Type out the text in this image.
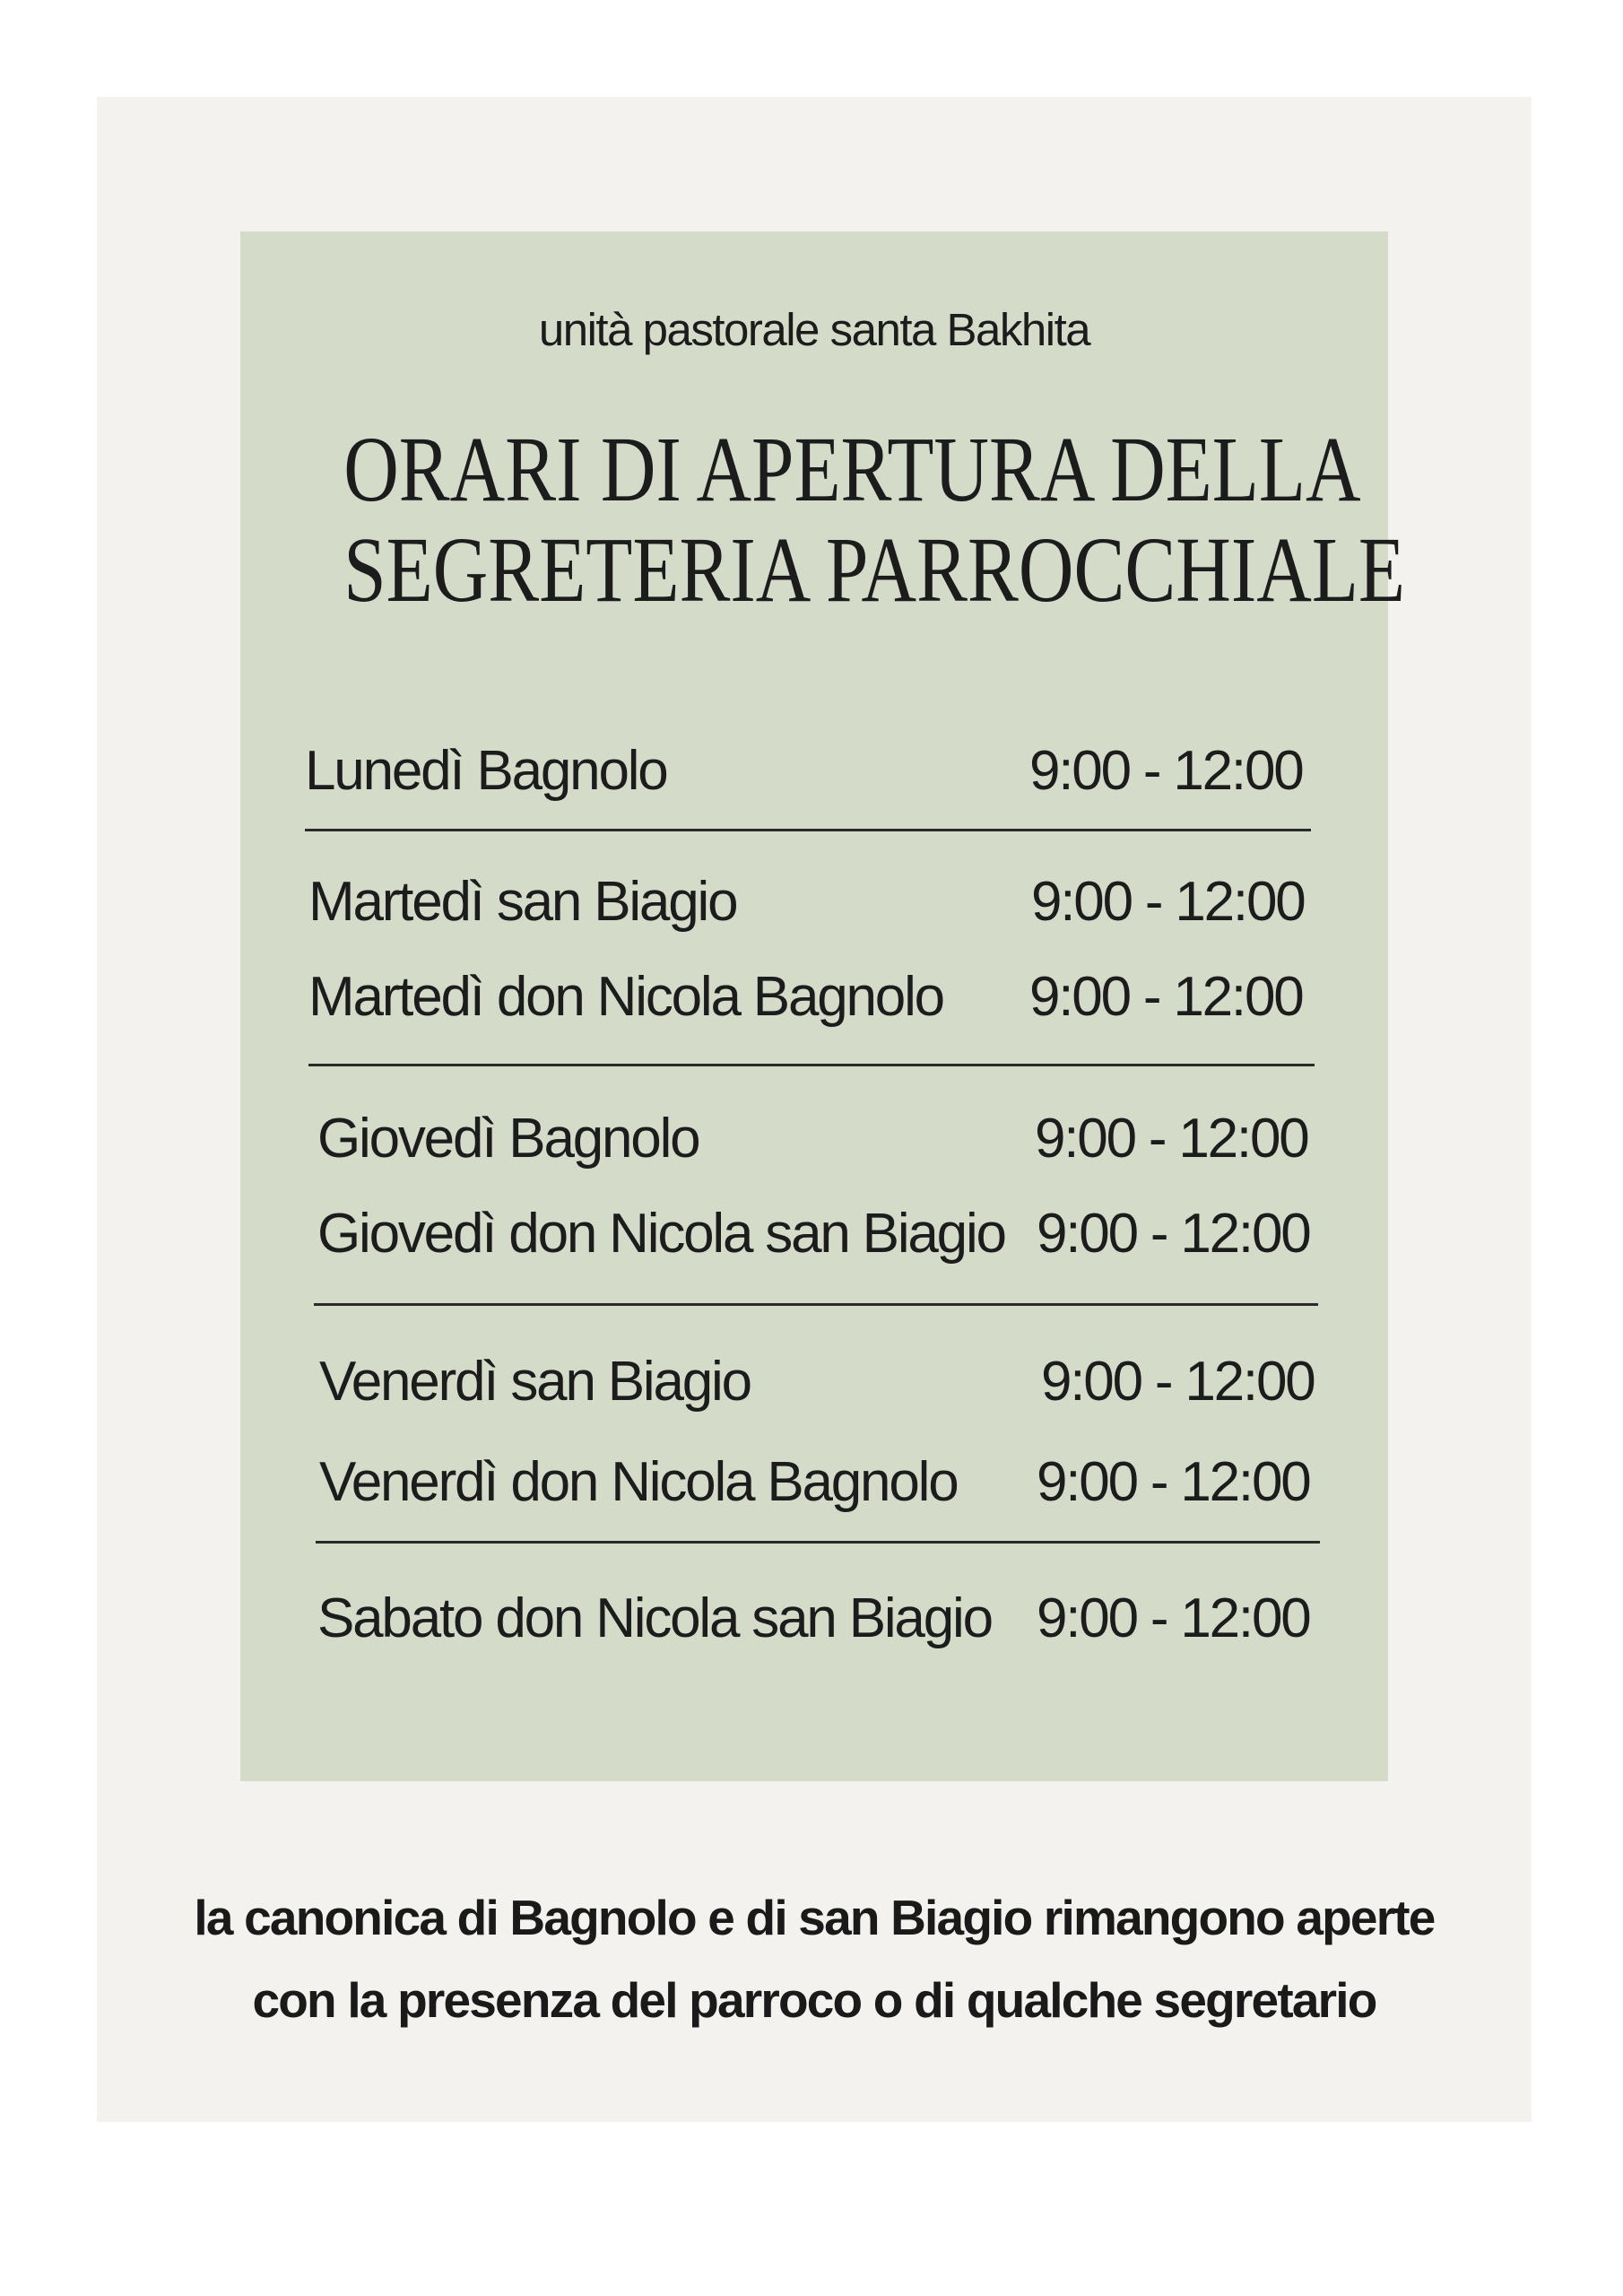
unità pastorale santa Bakhita
ORARI DI APERTURA DELLA
SEGRETERIA PARROCCHIALE
Lunedì Bagnolo	9:00 - 12:00
Martedì san Biagio	9:00 - 12:00
Martedì don Nicola Bagnolo 9:00 - 12:00
Giovedì Bagnolo	9:00 - 12:00
Giovedì don Nicola san Biagio 9:00 - 12:00
Venerdì san Biagio	9:00 - 12:00
Venerdì don Nicola Bagnolo 9:00 - 12:00
Sabato don Nicola san Biagio 9:00 - 12:00
la canonica di Bagnolo e di san Biagio rimangono aperte
con la presenza del parroco o di qualche segretario
